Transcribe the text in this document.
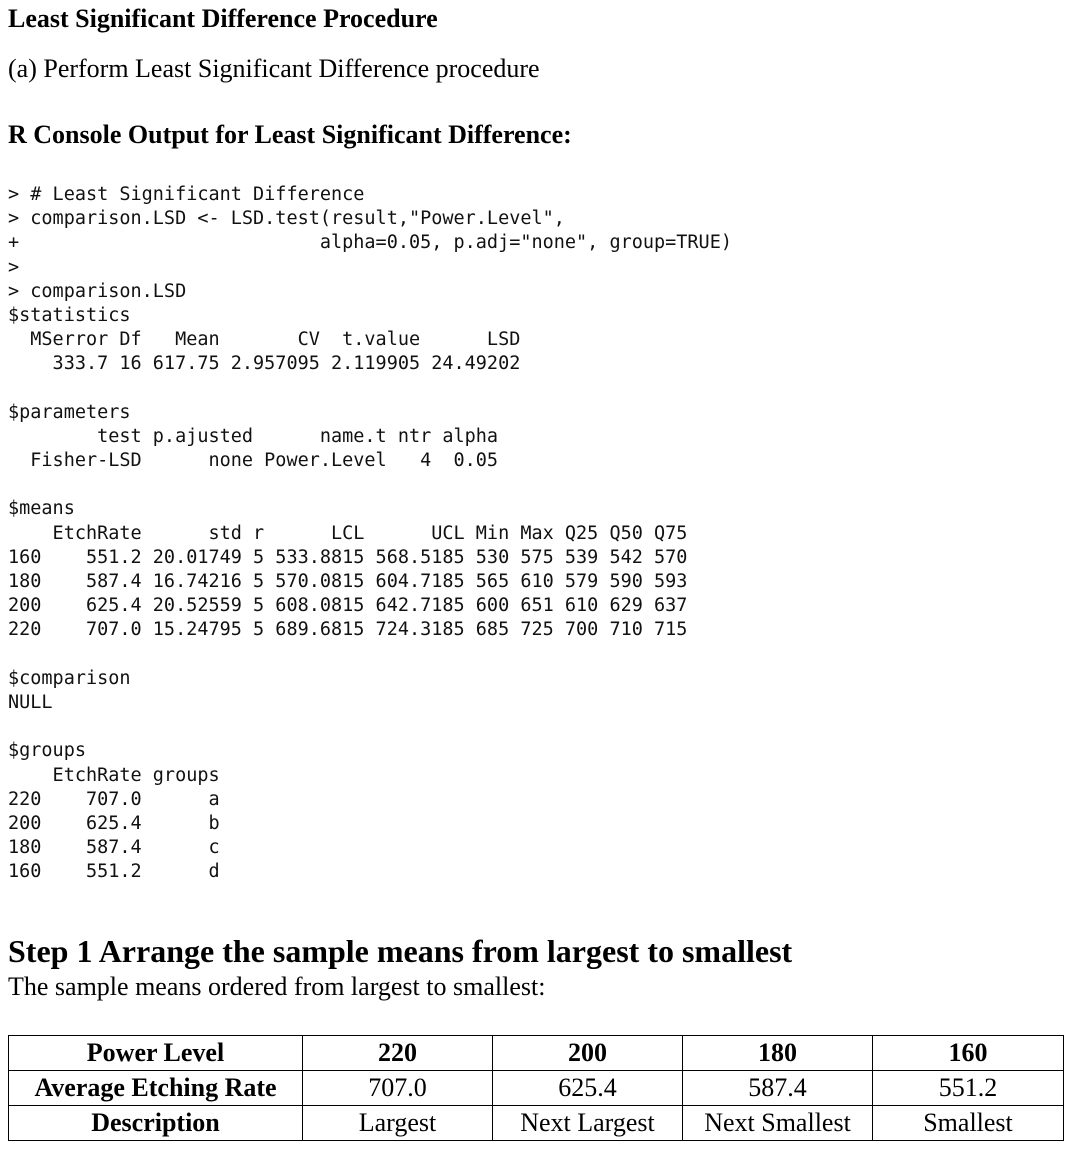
Least Significant Difference Procedure
(a) Perform Least Significant Difference procedure
R Console Output for Least Significant Difference:
> # Least Significant Difference
> comparison.LSD <- LSD.test(result,"Power.Level",
+                           alpha=0.05, p.adj="none", group=TRUE)
>
> comparison.LSD
$statistics
MSerror Df   Mean       CV  t.value      LSD
333.7 16 617.75 2.957095 2.119905 24.49202
$parameters
test p.ajusted      name.t ntr alpha
Fisher-LSD      none Power.Level   4  0.05
$means
EtchRate      std r      LCL      UCL Min Max Q25 Q50 Q75
160    551.2 20.01749 5 533.8815 568.5185 530 575 539 542 570
180    587.4 16.74216 5 570.0815 604.7185 565 610 579 590 593
200    625.4 20.52559 5 608.0815 642.7185 600 651 610 629 637
220    707.0 15.24795 5 689.6815 724.3185 685 725 700 710 715
$comparison
NULL
$groups
EtchRate groups
220    707.0      a
200    625.4      b
180    587.4      c
160    551.2      d
Step 1 Arrange the sample means from largest to smallest
The sample means ordered from largest to smallest:
Power Level	220	200	180	160
Average Etching Rate	707.0	625.4	587.4	551.2
Description	Largest	Next Largest	Next Smallest	Smallest
